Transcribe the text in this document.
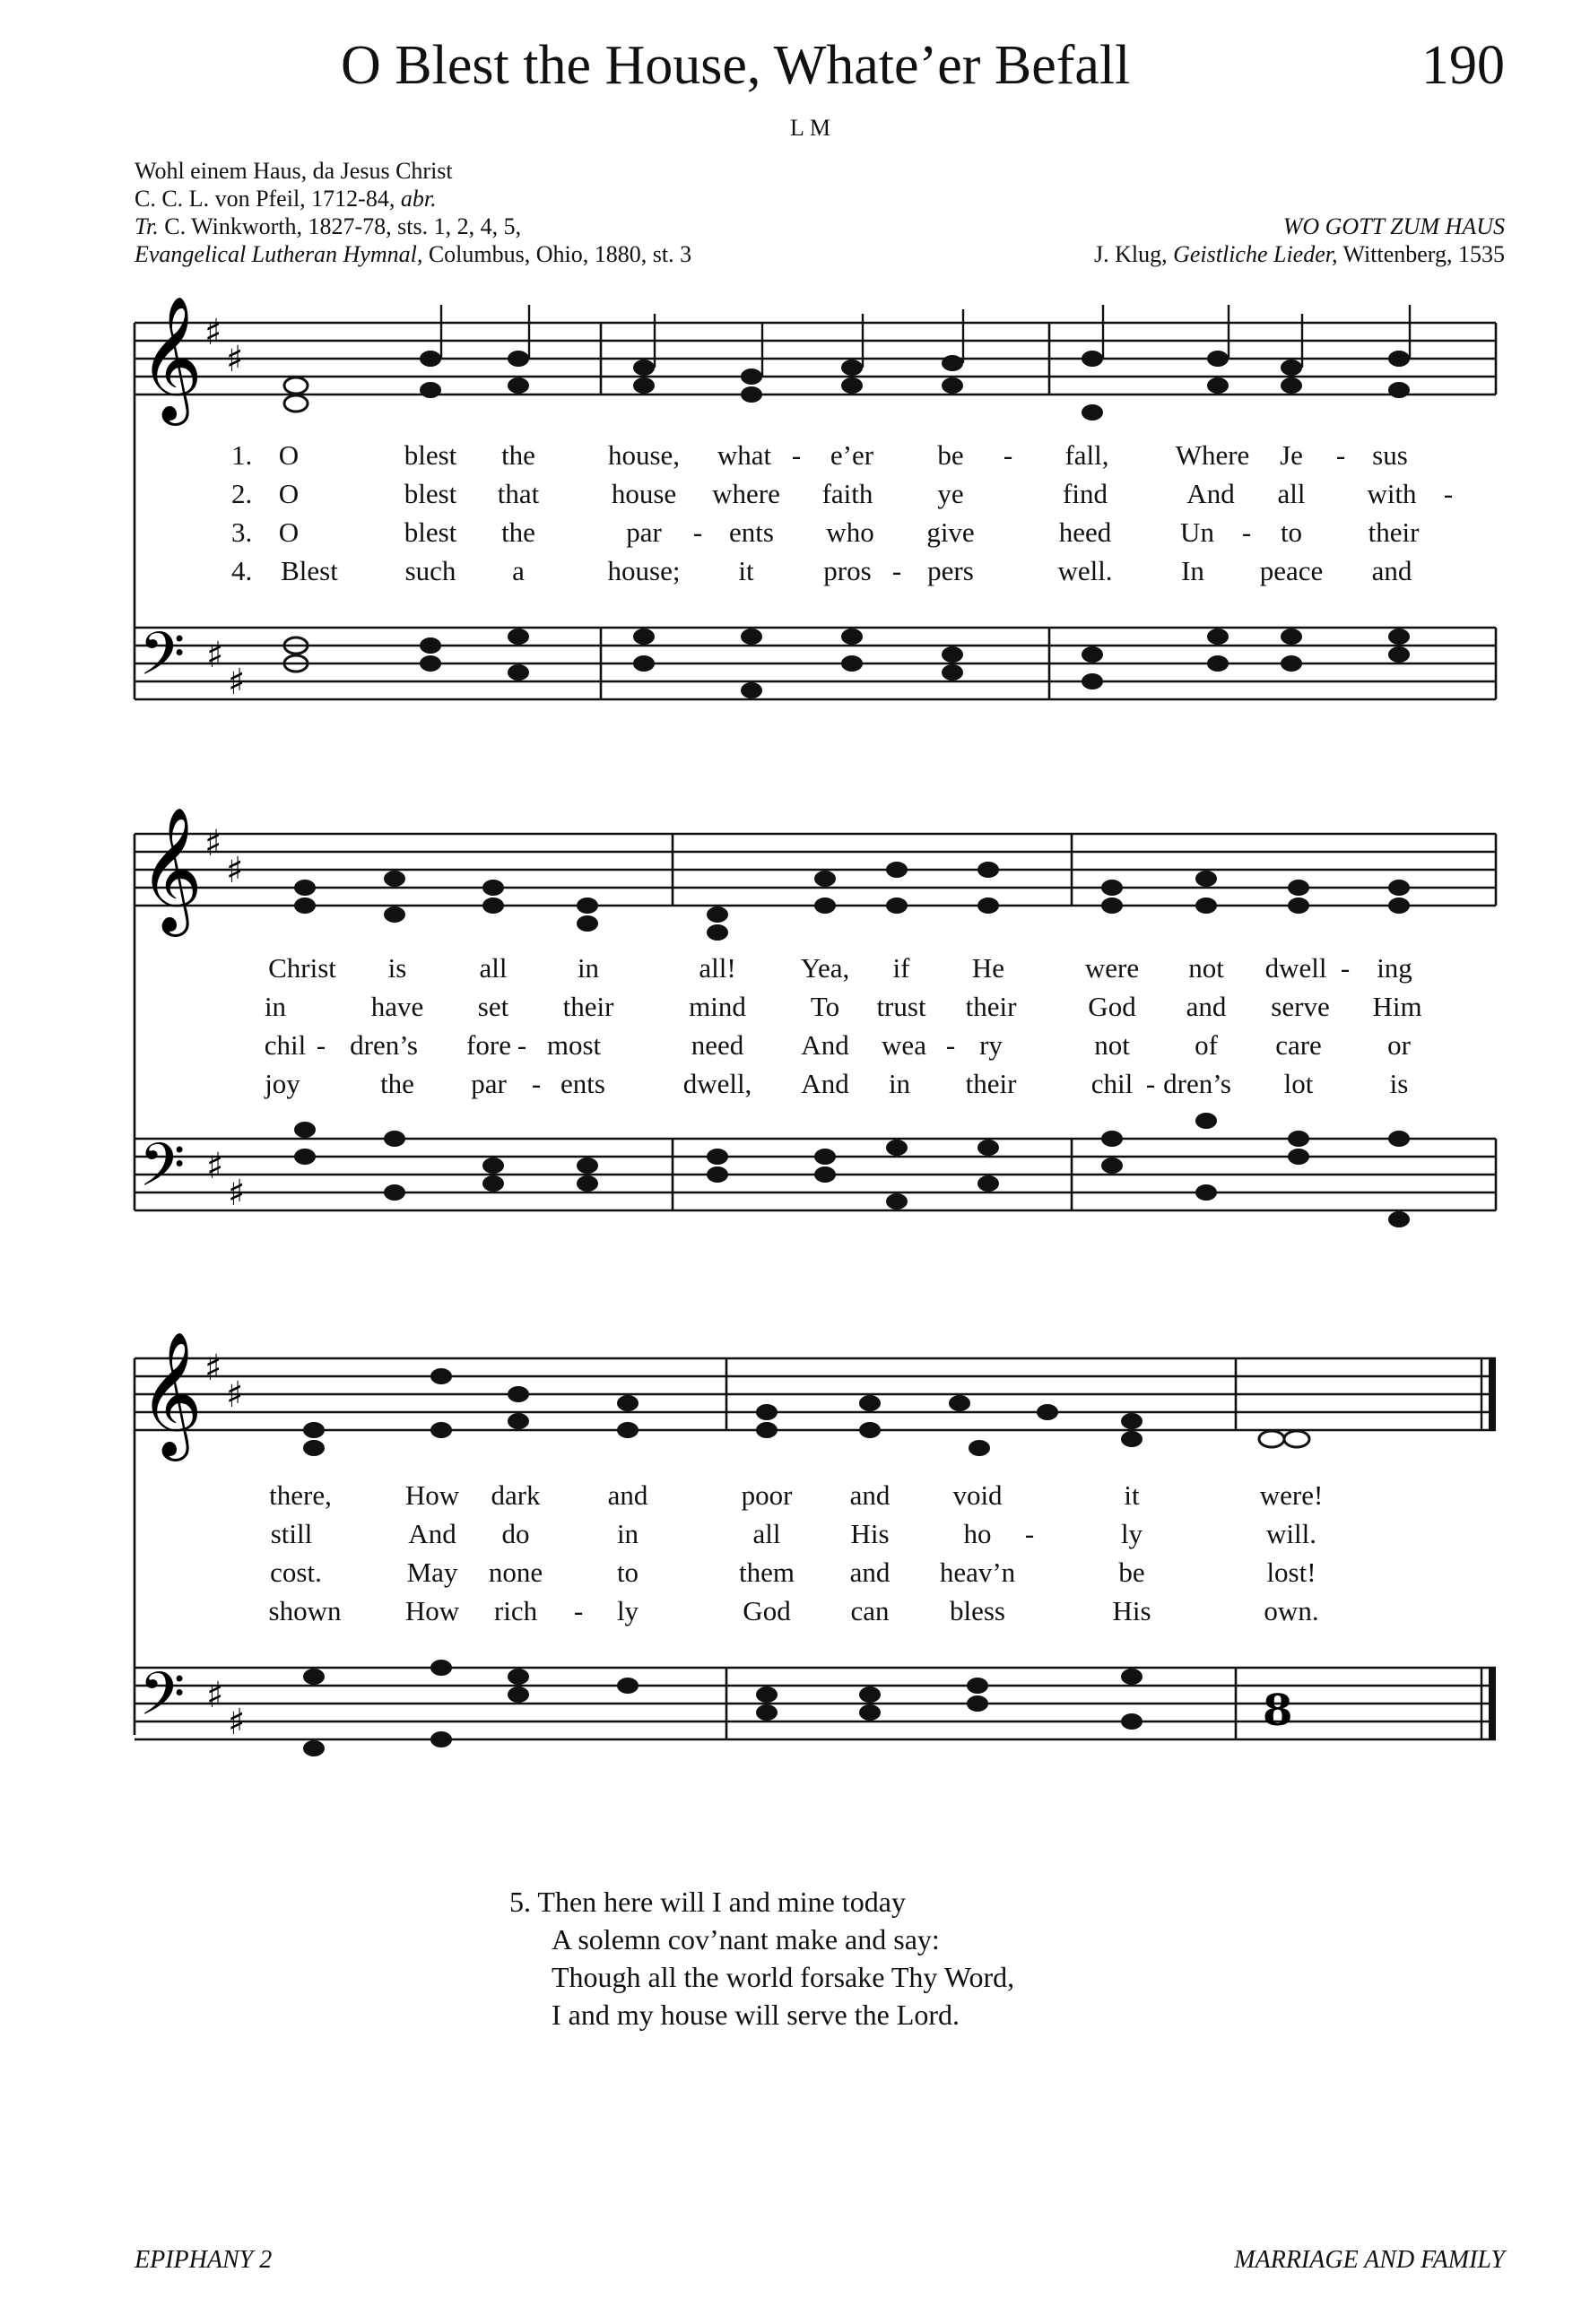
O Blest the House, Whate’er Befall	190
LM
Wohl einem Haus, da Jesus Christ
C. C. L. von Pfeil, 1712-84, abr.
Tr. C. Winkworth, 1827-78, sts. 1, 2, 4, 5,
Evangelical Lutheran Hymnal, Columbus, Ohio, 1880, st. 3
WO GOTT ZUM HAUS
J. Klug, Geistliche Lieder, Wittenberg, 1535
𝄞 ♯
♯
1.
2.
3.
4.
O	blest the	house, what - e’er be - fall, Where Je - sus
O	blest that	house where faith ye	find	And all with -
O	blest the	par - ents who give	heed Un - to their
Blest such a	house; it	pros - pers	well. In peace and
𝄢 ♯
♯
𝄞 ♯
♯
Christ is	all	in	all! Yea, if He	were not dwell - ing
in	have set their	mind To trust their	God and serve Him
chil - dren’s fore - most	need And wea - ry	not of care or
joy	the par - ents	dwell, And in their	chil - dren’s lot	is
𝄢 ♯
♯
𝄞 ♯
♯
there,	How dark and	poor and void	it	were!
still	And do	in	all	His	ho -	ly	will.
cost.	May none	to	them and heav’n	be	lost!
shown How rich - ly	God can bless	His	own.
𝄢 ♯
♯	8
5. Then here will I and mine today
A solemn cov’nant make and say:
Though all the world forsake Thy Word,
I and my house will serve the Lord.
EPIPHANY 2	MARRIAGE AND FAMILY
